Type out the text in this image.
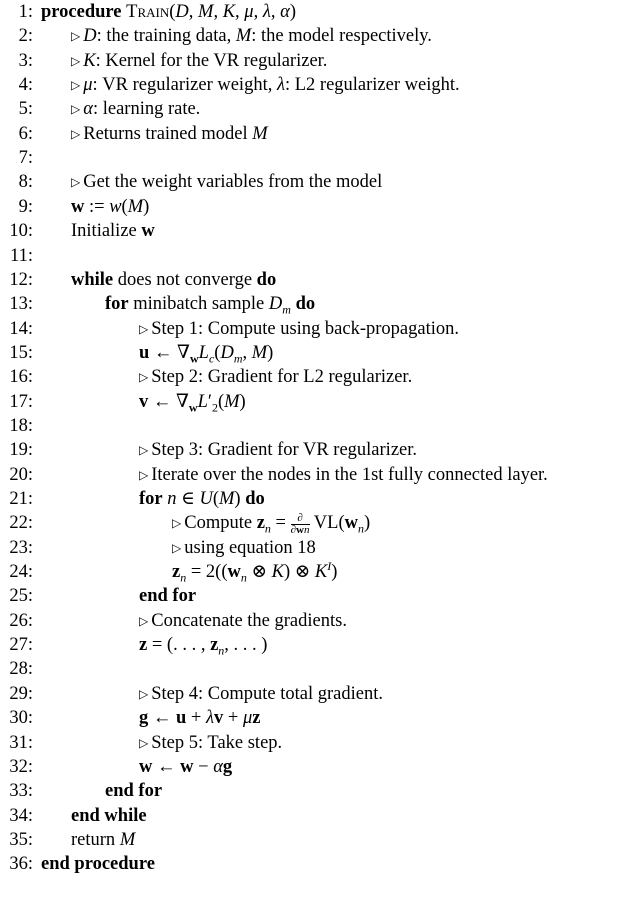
1: procedure Train(D, M, K, μ, λ, α)
2:	▷ D: the training data, M: the model respectively.
3:	▷ K: Kernel for the VR regularizer.
4:	▷ μ: VR regularizer weight, λ: L2 regularizer weight.
5:	▷ α: learning rate.
6:	▷ Returns trained model M
7:
8:	▷ Get the weight variables from the model
9: w := w(M)
10: Initialize w
11:
12: while does not converge do
13:	for minibatch sample $D_m$ do
14:	▷ Step 1: Compute using back-propagation.
15:	u ← $\nabla_wL_c(D_m$, M)
16:	▷ Step 2: Gradient for L2 regularizer.
17:	v ← $\nabla_wL'_2(M)$
18:
19:	▷ Step 3: Gradient for VR regularizer.
20:	▷ Iterate over the nodes in the 1st fully connected layer.
21:	for n ∈ U(M) do
22:	▷ Compute $z_n$ = ∂
∂wn $VL(w_n)$
23:	▷ using equation 18
24:	$z_n = 2((w_n$ ⊗ K) ⊗ $K^I$)
25:	end for
26:	▷ Concatenate the gradients.
27:	z = (. . . , $z_n$, . . . )
28:
29:	▷ Step 4: Compute total gradient.
30:	g ← u + λv + μz
31:	▷ Step 5: Take step.
32:	w ← w − αg
33:	end for
34: end while
35: return M
36: end procedure
